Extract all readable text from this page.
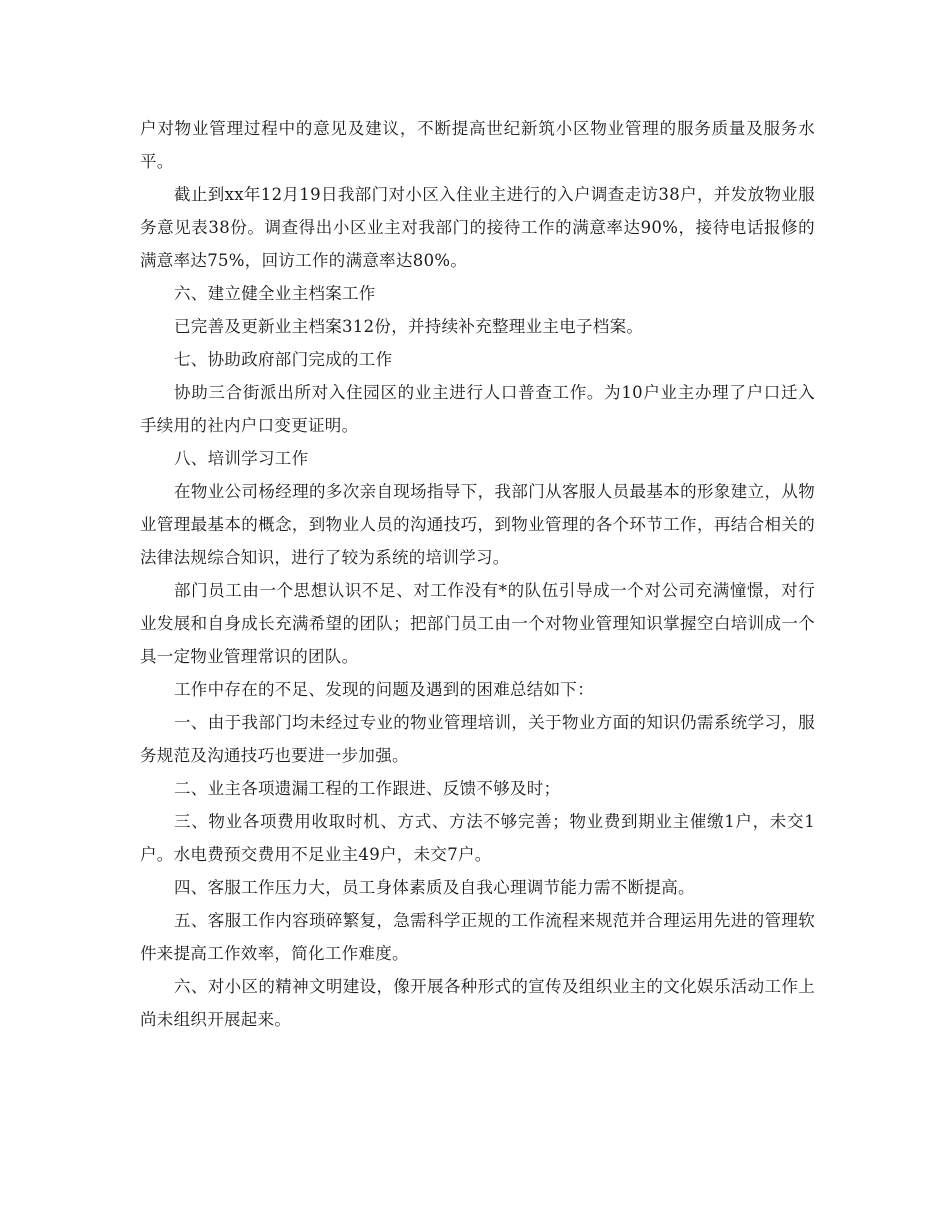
户对物业管理过程中的意见及建议，不断提高世纪新筑小区物业管理的服务质量及服务水平。

截止到xx年12月19日我部门对小区入住业主进行的入户调查走访38户，并发放物业服务意见表38份。调查得出小区业主对我部门的接待工作的满意率达90%，接待电话报修的满意率达75%，回访工作的满意率达80%。

六、建立健全业主档案工作

已完善及更新业主档案312份，并持续补充整理业主电子档案。

七、协助政府部门完成的工作

协助三合街派出所对入住园区的业主进行人口普查工作。为10户业主办理了户口迁入手续用的社内户口变更证明。

八、培训学习工作

在物业公司杨经理的多次亲自现场指导下，我部门从客服人员最基本的形象建立，从物业管理最基本的概念，到物业人员的沟通技巧，到物业管理的各个环节工作，再结合相关的法律法规综合知识，进行了较为系统的培训学习。

部门员工由一个思想认识不足、对工作没有*的队伍引导成一个对公司充满憧憬，对行业发展和自身成长充满希望的团队；把部门员工由一个对物业管理知识掌握空白培训成一个具一定物业管理常识的团队。

工作中存在的不足、发现的问题及遇到的困难总结如下：

一、由于我部门均未经过专业的物业管理培训，关于物业方面的知识仍需系统学习，服务规范及沟通技巧也要进一步加强。

二、业主各项遗漏工程的工作跟进、反馈不够及时；

三、物业各项费用收取时机、方式、方法不够完善；物业费到期业主催缴1户，未交1户。水电费预交费用不足业主49户，未交7户。

四、客服工作压力大，员工身体素质及自我心理调节能力需不断提高。

五、客服工作内容琐碎繁复，急需科学正规的工作流程来规范并合理运用先进的管理软件来提高工作效率，简化工作难度。

六、对小区的精神文明建设，像开展各种形式的宣传及组织业主的文化娱乐活动工作上尚未组织开展起来。
